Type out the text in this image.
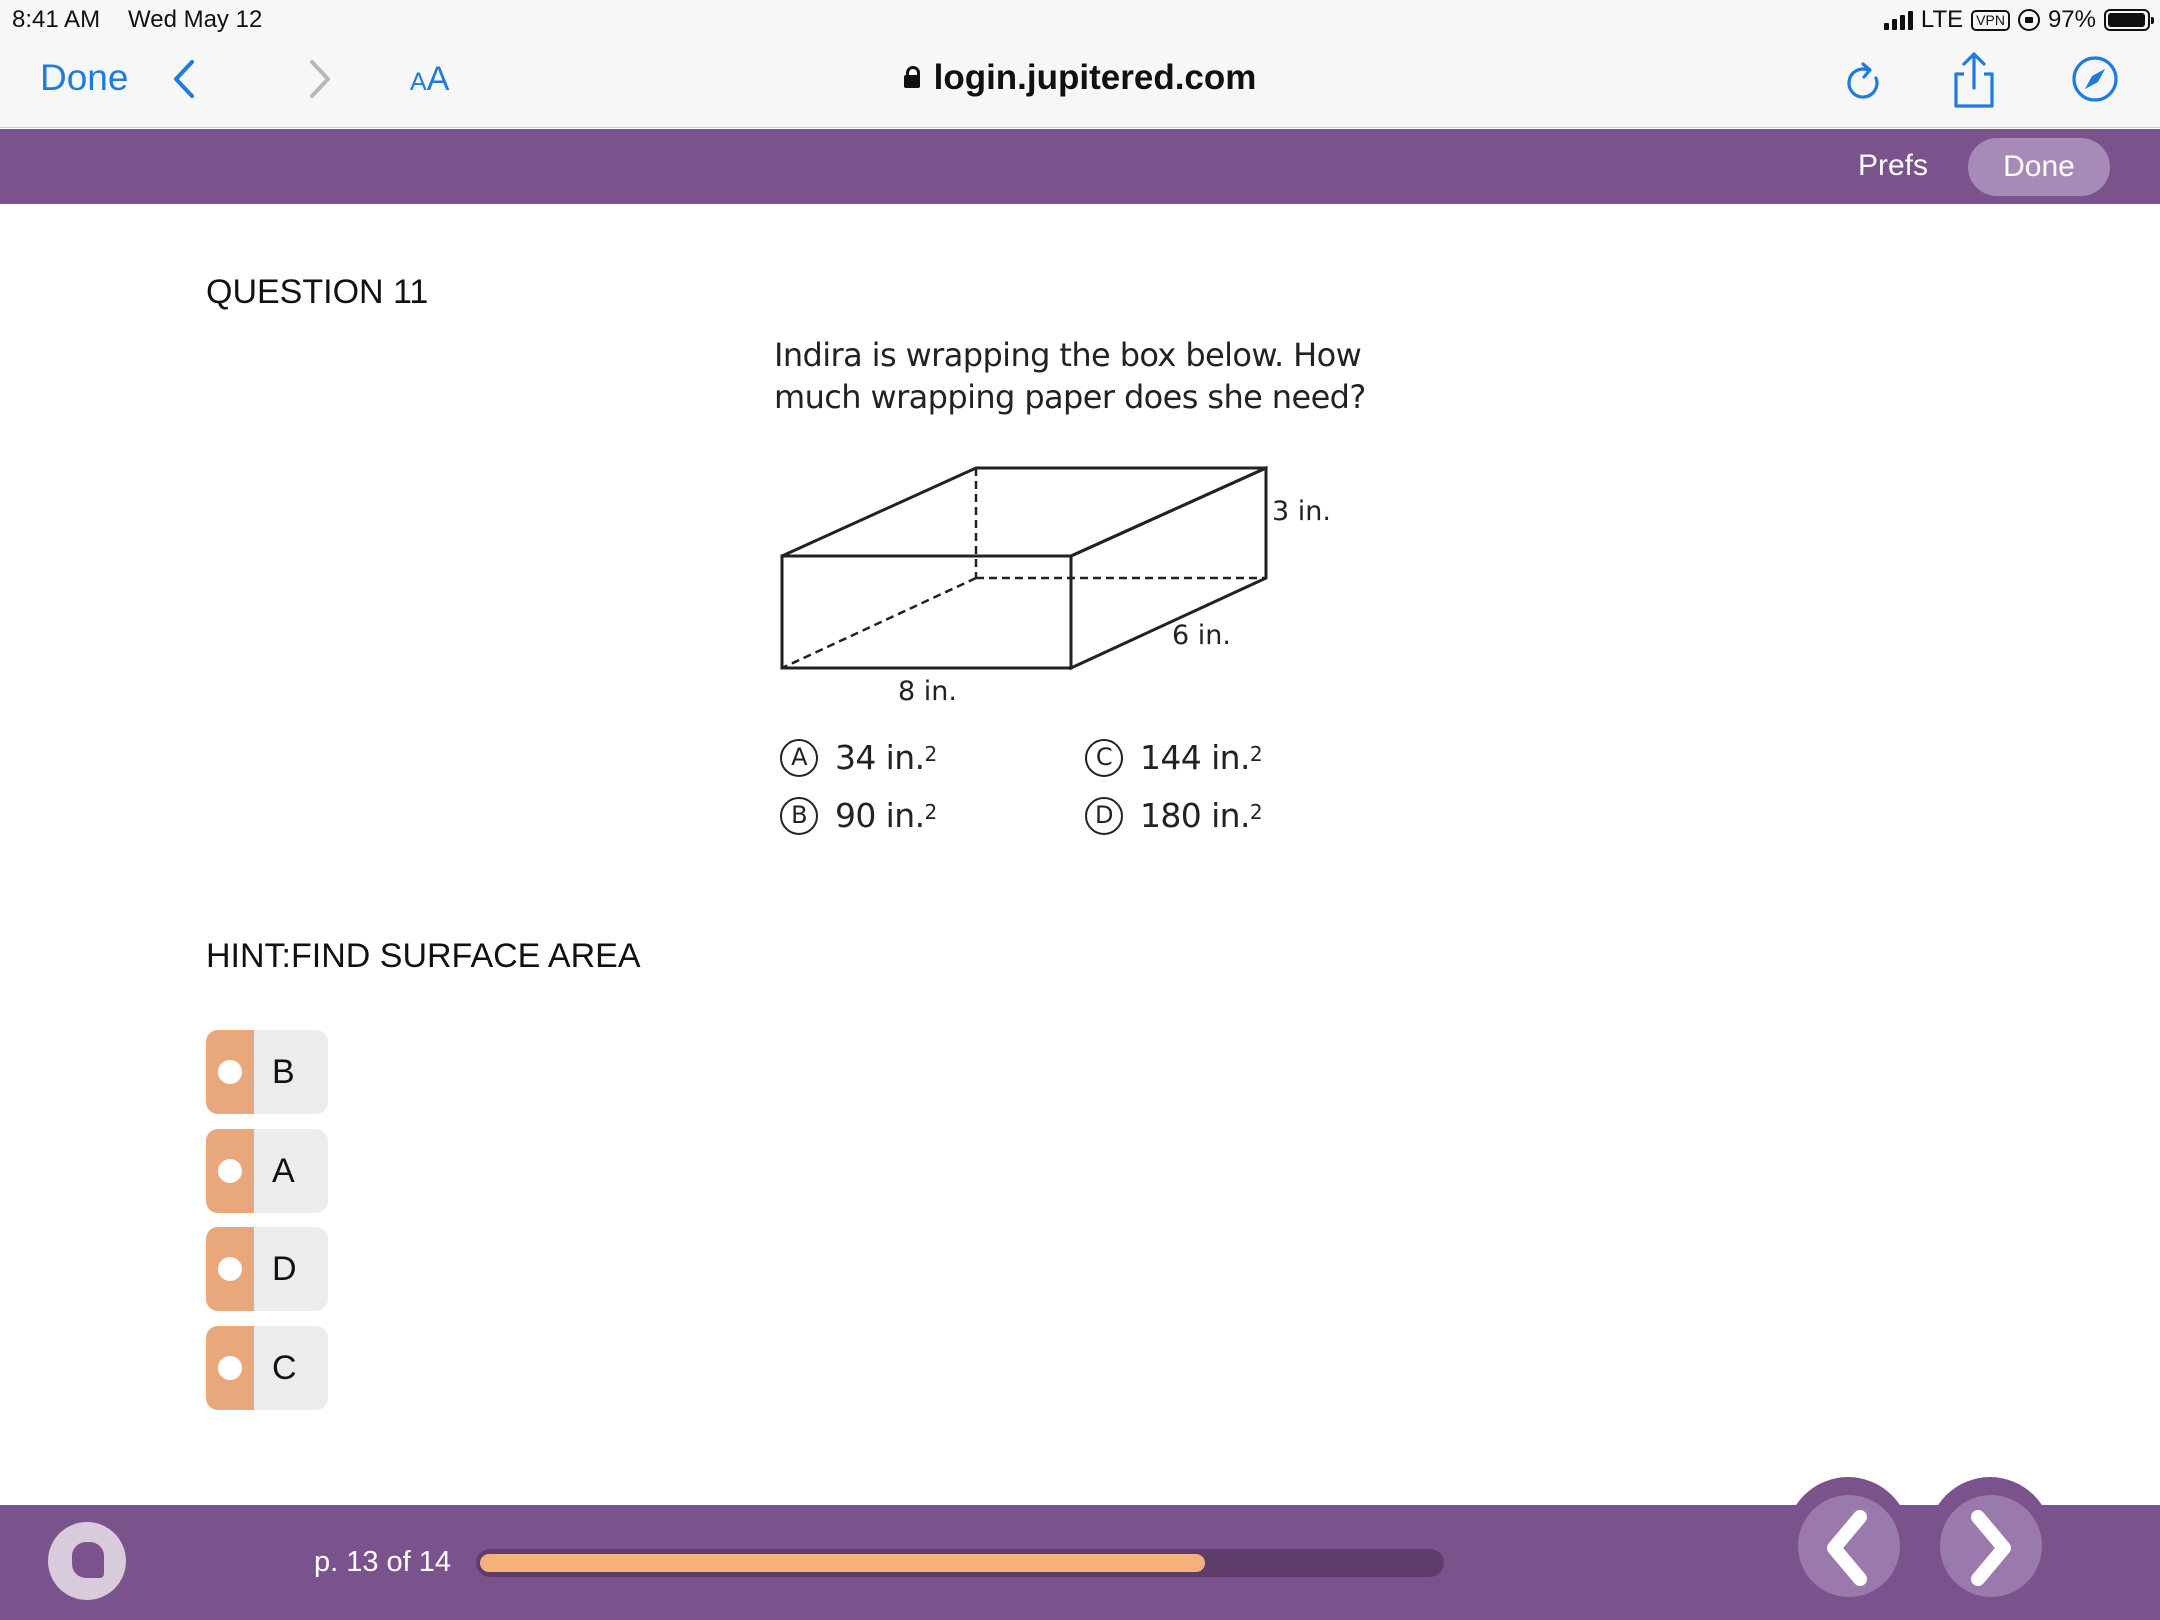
8:41 AM Wed May 12	LTE VPN 97%
Done	AA	login.jupitered.com
Prefs	Done
QUESTION 11
Indira is wrapping the box below. How much wrapping paper does she need?
3 in.
6 in.
8 in.
A 34 in.$^2$
B 90 in.$^2$
C 144 in.$^2$
D 180 in.$^2$
HINT:FIND SURFACE AREA
B
A
D
C
p. 13 of 14
